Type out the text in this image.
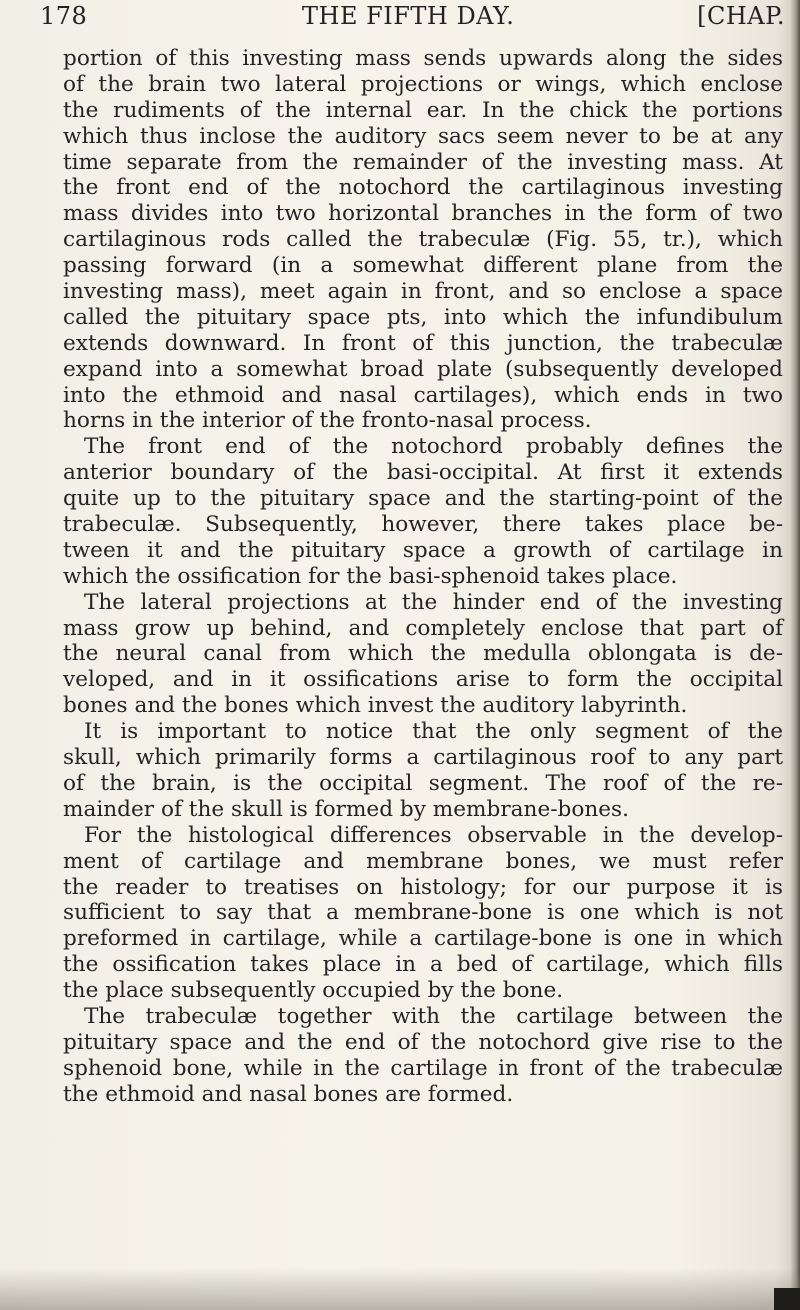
178	THE FIFTH DAY.	[CHAP.
portion of this investing mass sends upwards along the sides
of the brain two lateral projections or wings, which enclose
the rudiments of the internal ear. In the chick the portions
which thus inclose the auditory sacs seem never to be at any
time separate from the remainder of the investing mass. At
the front end of the notochord the cartilaginous investing
mass divides into two horizontal branches in the form of two
cartilaginous rods called the trabeculæ (Fig. 55, tr.), which
passing forward (in a somewhat different plane from the
investing mass), meet again in front, and so enclose a space
called the pituitary space pts, into which the infundibulum
extends downward. In front of this junction, the trabeculæ
expand into a somewhat broad plate (subsequently developed
into the ethmoid and nasal cartilages), which ends in two
horns in the interior of the fronto-nasal process.
The front end of the notochord probably defines the
anterior boundary of the basi-occipital. At first it extends
quite up to the pituitary space and the starting-point of the
trabeculæ. Subsequently, however, there takes place be-
tween it and the pituitary space a growth of cartilage in
which the ossification for the basi-sphenoid takes place.
The lateral projections at the hinder end of the investing
mass grow up behind, and completely enclose that part of
the neural canal from which the medulla oblongata is de-
veloped, and in it ossifications arise to form the occipital
bones and the bones which invest the auditory labyrinth.
It is important to notice that the only segment of the
skull, which primarily forms a cartilaginous roof to any part
of the brain, is the occipital segment. The roof of the re-
mainder of the skull is formed by membrane-bones.
For the histological differences observable in the develop-
ment of cartilage and membrane bones, we must refer
the reader to treatises on histology; for our purpose it is
sufficient to say that a membrane-bone is one which is not
preformed in cartilage, while a cartilage-bone is one in which
the ossification takes place in a bed of cartilage, which fills
the place subsequently occupied by the bone.
The trabeculæ together with the cartilage between the
pituitary space and the end of the notochord give rise to the
sphenoid bone, while in the cartilage in front of the trabeculæ
the ethmoid and nasal bones are formed.
